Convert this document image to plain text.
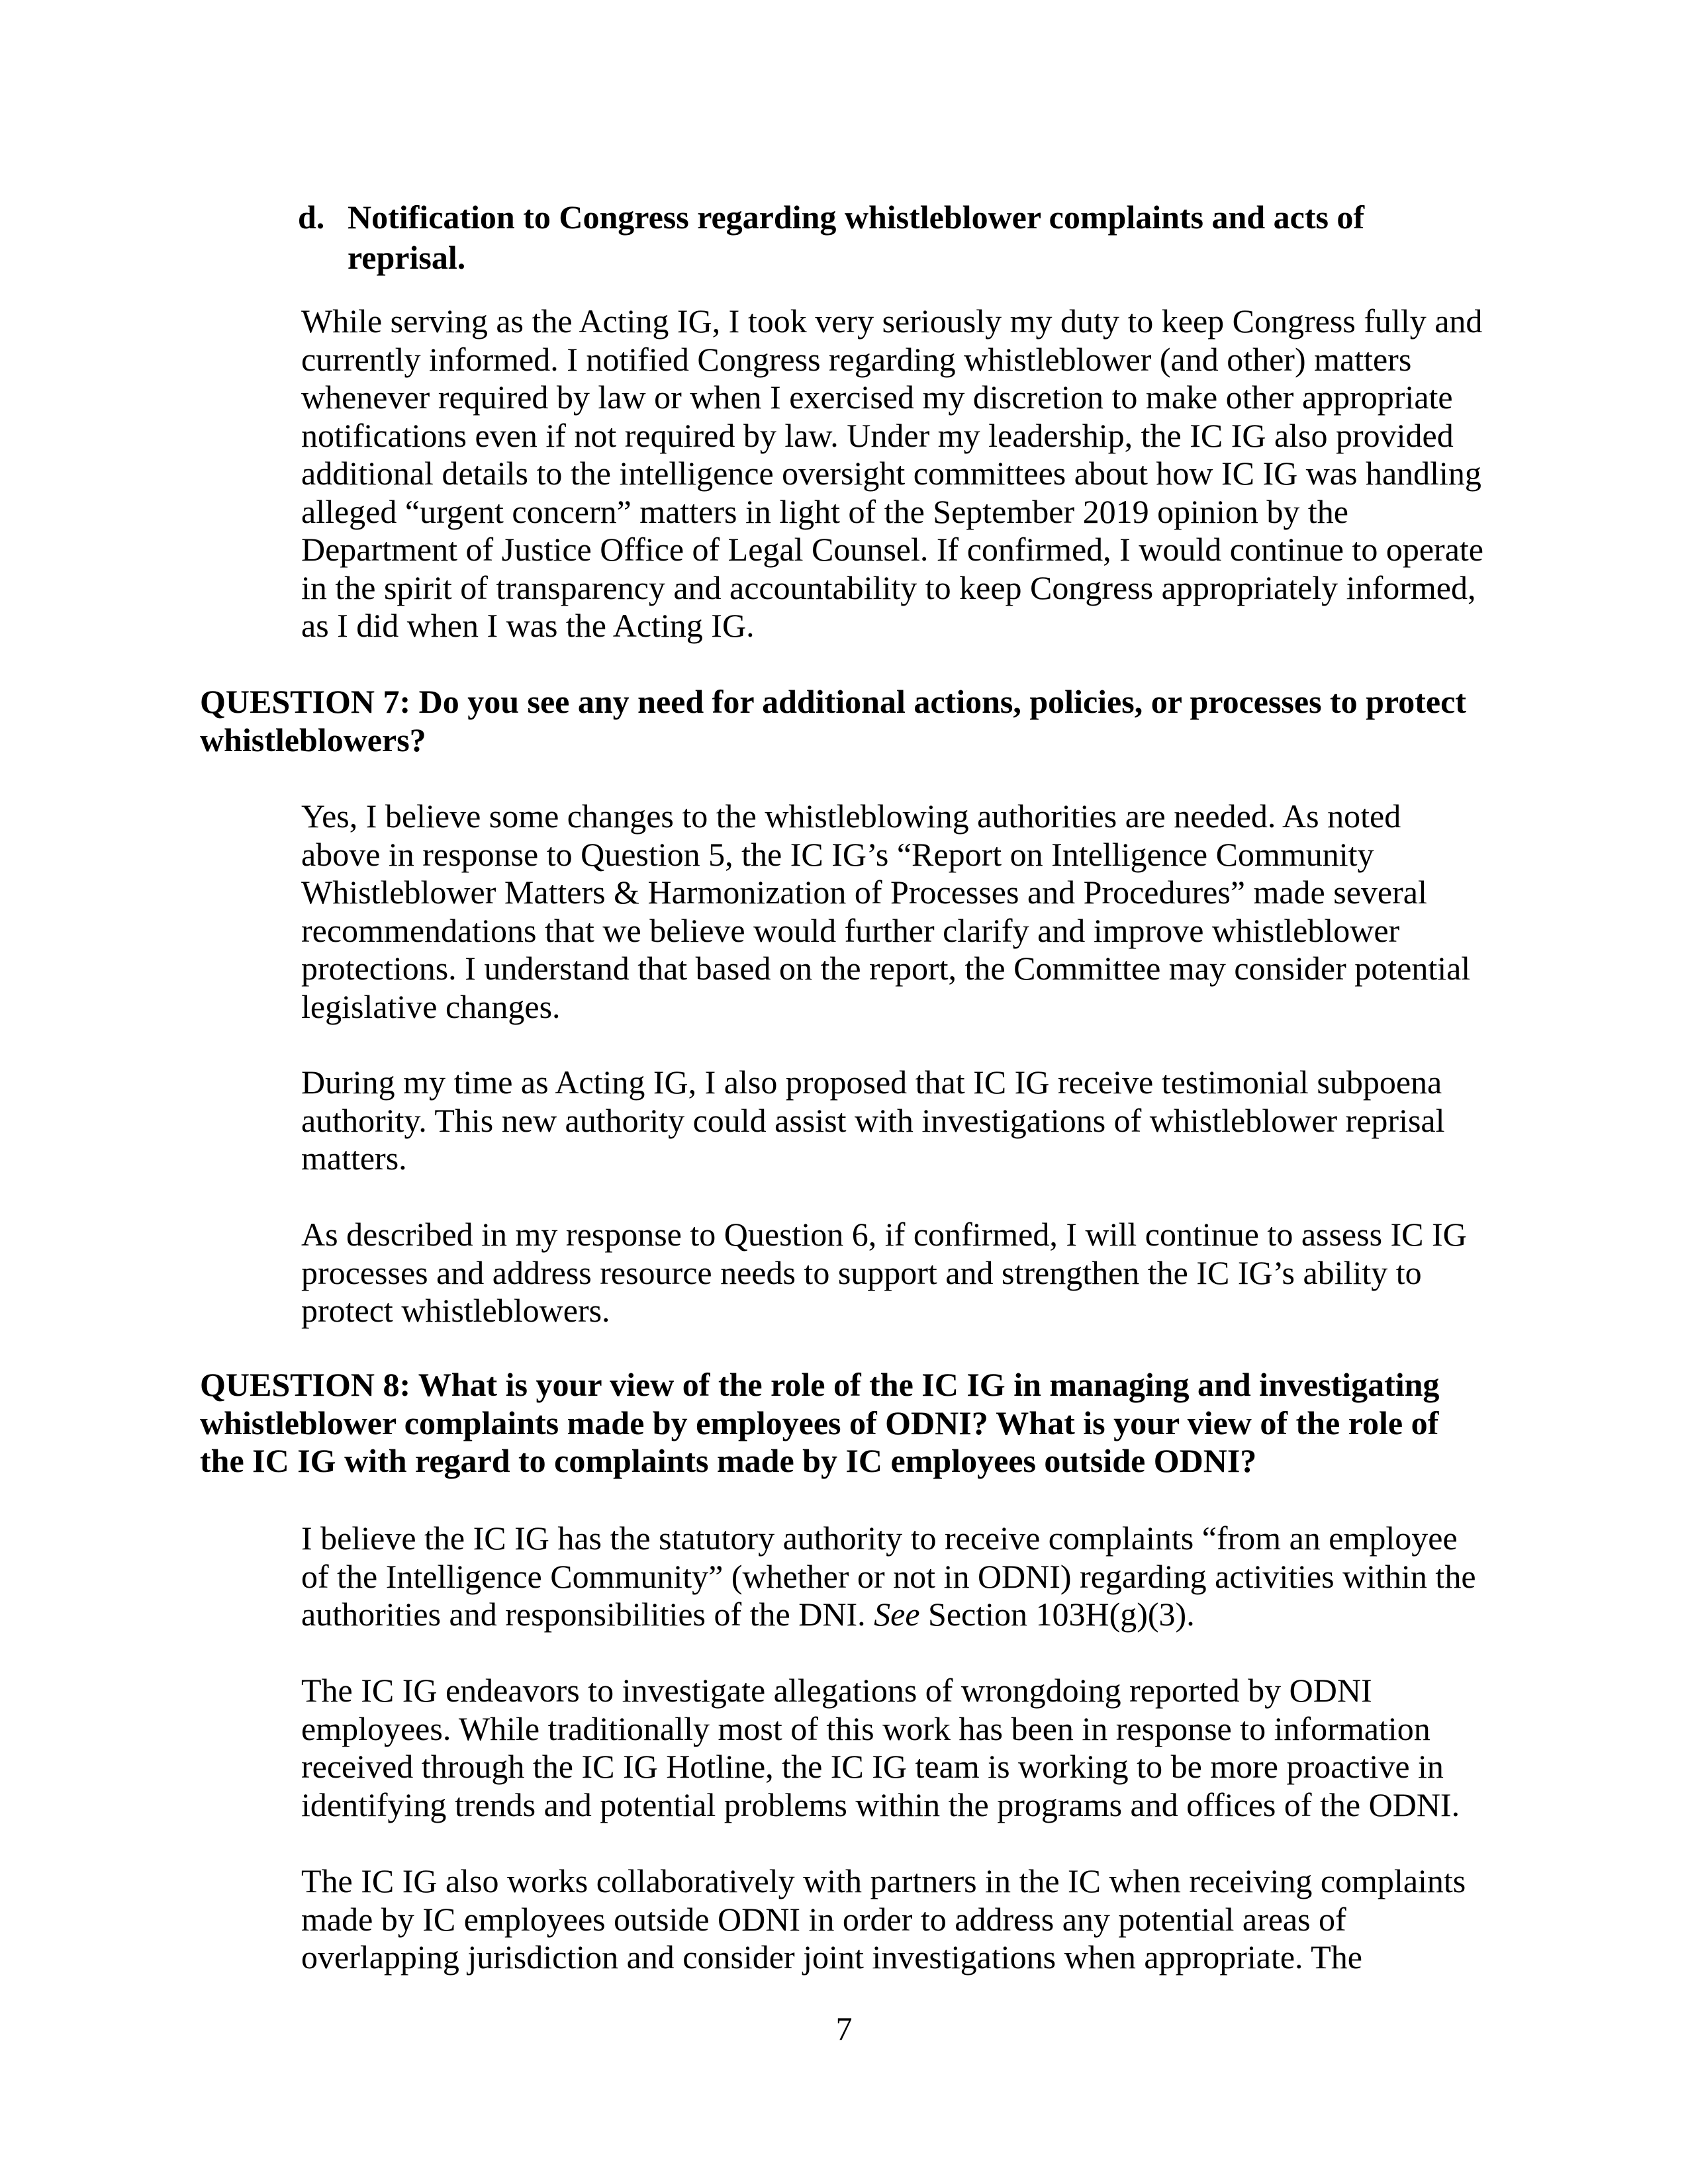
d. Notification to Congress regarding whistleblower complaints and acts of
reprisal.
While serving as the Acting IG, I took very seriously my duty to keep Congress fully and
currently informed. I notified Congress regarding whistleblower (and other) matters
whenever required by law or when I exercised my discretion to make other appropriate
notifications even if not required by law. Under my leadership, the IC IG also provided
additional details to the intelligence oversight committees about how IC IG was handling
alleged “urgent concern” matters in light of the September 2019 opinion by the
Department of Justice Office of Legal Counsel. If confirmed, I would continue to operate
in the spirit of transparency and accountability to keep Congress appropriately informed,
as I did when I was the Acting IG.
QUESTION 7: Do you see any need for additional actions, policies, or processes to protect
whistleblowers?
Yes, I believe some changes to the whistleblowing authorities are needed. As noted
above in response to Question 5, the IC IG’s “Report on Intelligence Community
Whistleblower Matters & Harmonization of Processes and Procedures” made several
recommendations that we believe would further clarify and improve whistleblower
protections. I understand that based on the report, the Committee may consider potential
legislative changes.
During my time as Acting IG, I also proposed that IC IG receive testimonial subpoena
authority. This new authority could assist with investigations of whistleblower reprisal
matters.
As described in my response to Question 6, if confirmed, I will continue to assess IC IG
processes and address resource needs to support and strengthen the IC IG’s ability to
protect whistleblowers.
QUESTION 8: What is your view of the role of the IC IG in managing and investigating
whistleblower complaints made by employees of ODNI? What is your view of the role of
the IC IG with regard to complaints made by IC employees outside ODNI?
I believe the IC IG has the statutory authority to receive complaints “from an employee
of the Intelligence Community” (whether or not in ODNI) regarding activities within the
authorities and responsibilities of the DNI. See Section 103H(g)(3).
The IC IG endeavors to investigate allegations of wrongdoing reported by ODNI
employees. While traditionally most of this work has been in response to information
received through the IC IG Hotline, the IC IG team is working to be more proactive in
identifying trends and potential problems within the programs and offices of the ODNI.
The IC IG also works collaboratively with partners in the IC when receiving complaints
made by IC employees outside ODNI in order to address any potential areas of
overlapping jurisdiction and consider joint investigations when appropriate. The
7
